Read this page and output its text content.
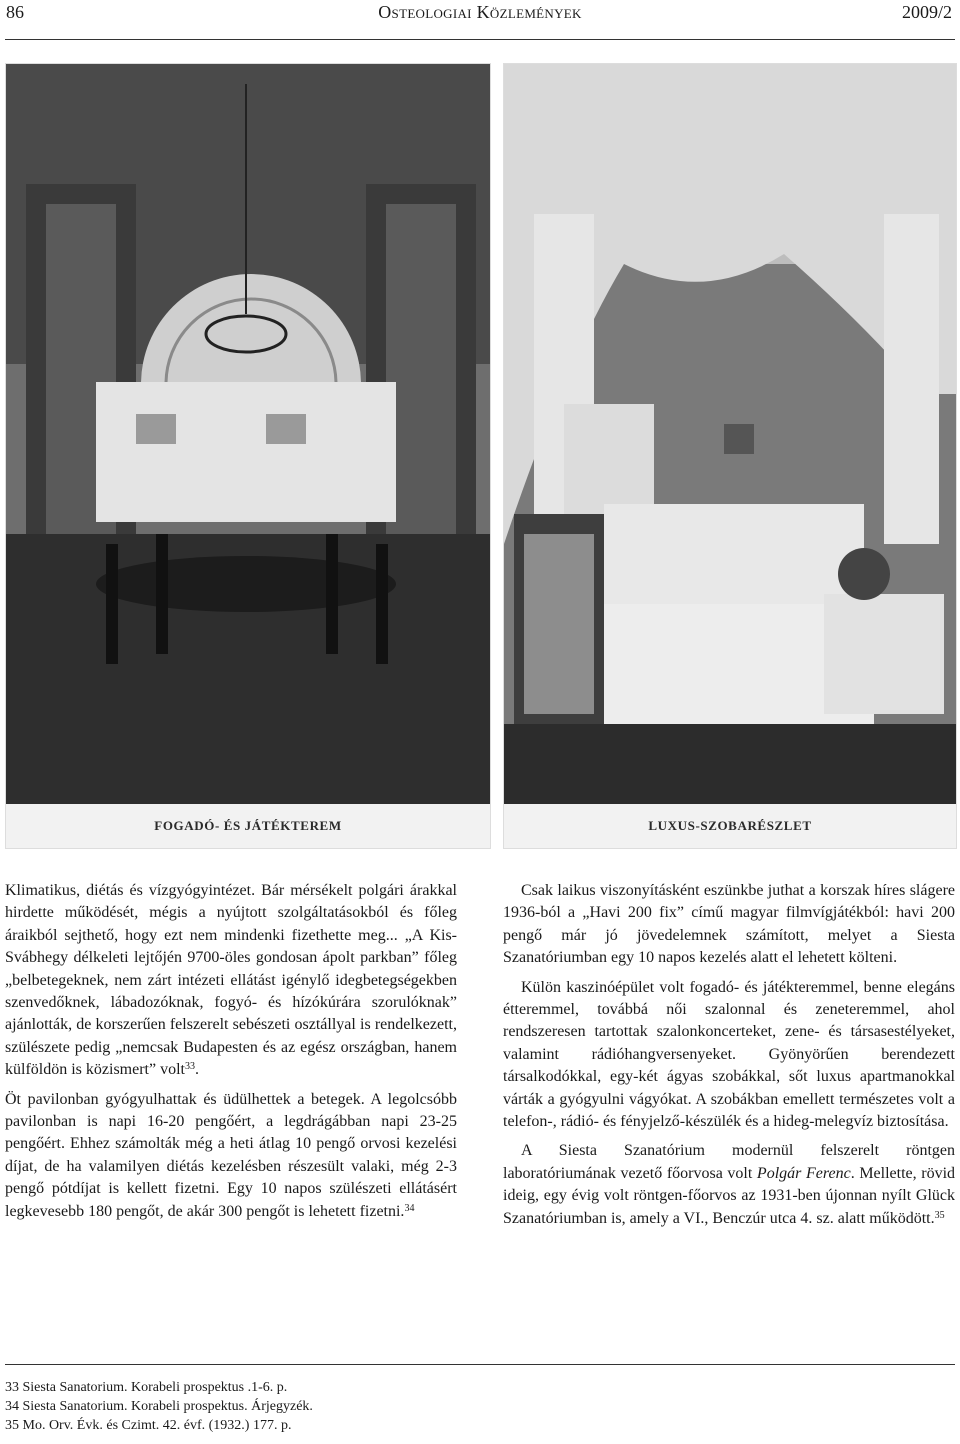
86	Osteologiai Közlemények	2009/2
FOGADÓ- ÉS JÁTÉKTEREM	LUXUS-SZOBARÉSZLET

Klimatikus, diétás és vízgyógyintézet. Bár mérsékelt polgári árakkal hirdette működését, mégis a nyújtott szolgáltatásokból és főleg áraikból sejthető, hogy ezt nem mindenki fizethette meg... „A Kis-Svábhegy délkeleti lejtőjén 9700-öles gondosan ápolt parkban” főleg „belbetegeknek, nem zárt intézeti ellátást igénylő idegbetegségekben szenvedőknek, lábadozóknak, fogyó- és hízókúrára szorulóknak” ajánlották, de korszerűen felszerelt sebészeti osztállyal is rendelkezett, szülészete pedig „nemcsak Budapesten és az egész országban, hanem külföldön is közismert” volt$^{33}$.

Öt pavilonban gyógyulhattak és üdülhettek a betegek. A legolcsóbb pavilonban is napi 16-20 pengőért, a legdrágábban napi 23-25 pengőért. Ehhez számolták még a heti átlag 10 pengő orvosi kezelési díjat, de ha valamilyen diétás kezelésben részesült valaki, még 2-3 pengő pótdíjat is kellett fizetni. Egy 10 napos szülészeti ellátásért legkevesebb 180 pengőt, de akár 300 pengőt is lehetett fizetni.$^{34}$

Csak laikus viszonyításként eszünkbe juthat a korszak híres slágere 1936-ból a „Havi 200 fix” című magyar filmvígjátékból: havi 200 pengő már jó jövedelemnek számított, melyet a Siesta Szanatóriumban egy 10 napos kezelés alatt el lehetett költeni.

Külön kaszinóépület volt fogadó- és játékteremmel, benne elegáns étteremmel, továbbá női szalonnal és zeneteremmel, ahol rendszeresen tartottak szalonkoncerteket, zene- és társasestélyeket, valamint rádióhangversenyeket. Gyönyörűen berendezett társalkodókkal, egy-két ágyas szobákkal, sőt luxus apartmanokkal várták a gyógyulni vágyókat. A szobákban emellett természetes volt a telefon-, rádió- és fényjelző-készülék és a hideg-melegvíz biztosítása.

A Siesta Szanatórium modernül felszerelt röntgen laboratóriumának vezető főorvosa volt Polgár Ferenc. Mellette, rövid ideig, egy évig volt röntgen-főorvos az 1931-ben újonnan nyílt Glück Szanatóriumban is, amely a VI., Benczúr utca 4. sz. alatt működött.$^{35}$

33 Siesta Sanatorium. Korabeli prospektus .1-6. p.
34 Siesta Sanatorium. Korabeli prospektus. Árjegyzék.
35 Mo. Orv. Évk. és Czimt. 42. évf. (1932.) 177. p.
